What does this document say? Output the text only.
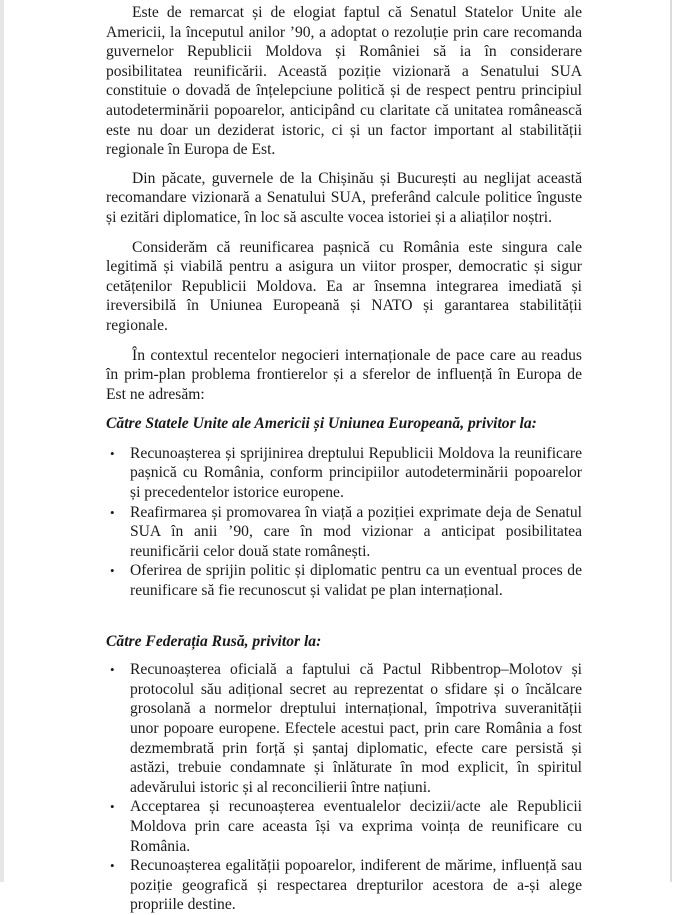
Este de remarcat și de elogiat faptul că Senatul Statelor Unite ale Americii, la începutul anilor ’90, a adoptat o rezoluție prin care recomanda guvernelor Republicii Moldova și României să ia în considerare posibilitatea reunificării. Această poziție vizionară a Senatului SUA constituie o dovadă de înțelepciune politică și de respect pentru principiul autodeterminării popoarelor, anticipând cu claritate că unitatea românească este nu doar un deziderat istoric, ci și un factor important al stabilității regionale în Europa de Est.

Din păcate, guvernele de la Chișinău și București au neglijat această recomandare vizionară a Senatului SUA, preferând calcule politice înguste și ezitări diplomatice, în loc să asculte vocea istoriei și a aliaților noștri.

Considerăm că reunificarea pașnică cu România este singura cale legitimă și viabilă pentru a asigura un viitor prosper, democratic și sigur cetățenilor Republicii Moldova. Ea ar însemna integrarea imediată și ireversibilă în Uniunea Europeană și NATO și garantarea stabilității regionale.

În contextul recentelor negocieri internaționale de pace care au readus în prim-plan problema frontierelor și a sferelor de influență în Europa de Est ne adresăm:

Către Statele Unite ale Americii și Uniunea Europeană, privitor la:
• Recunoașterea și sprijinirea dreptului Republicii Moldova la reunificare pașnică cu România, conform principiilor autodeterminării popoarelor și precedentelor istorice europene.
• Reafirmarea și promovarea în viață a poziției exprimate deja de Senatul SUA în anii ’90, care în mod vizionar a anticipat posibilitatea reunificării celor două state românești.
• Oferirea de sprijin politic și diplomatic pentru ca un eventual proces de reunificare să fie recunoscut și validat pe plan internațional.
Către Federația Rusă, privitor la:
• Recunoașterea oficială a faptului că Pactul Ribbentrop–Molotov și protocolul său adițional secret au reprezentat o sfidare și o încălcare grosolană a normelor dreptului internațional, împotriva suveranității unor popoare europene. Efectele acestui pact, prin care România a fost dezmembrată prin forță și șantaj diplomatic, efecte care persistă și astăzi, trebuie condamnate și înlăturate în mod explicit, în spiritul adevărului istoric și al reconcilierii între națiuni.
• Acceptarea și recunoașterea eventualelor decizii/acte ale Republicii Moldova prin care aceasta își va exprima voința de reunificare cu România.
• Recunoașterea egalității popoarelor, indiferent de mărime, influență sau poziție geografică și respectarea drepturilor acestora de a-și alege propriile destine.
